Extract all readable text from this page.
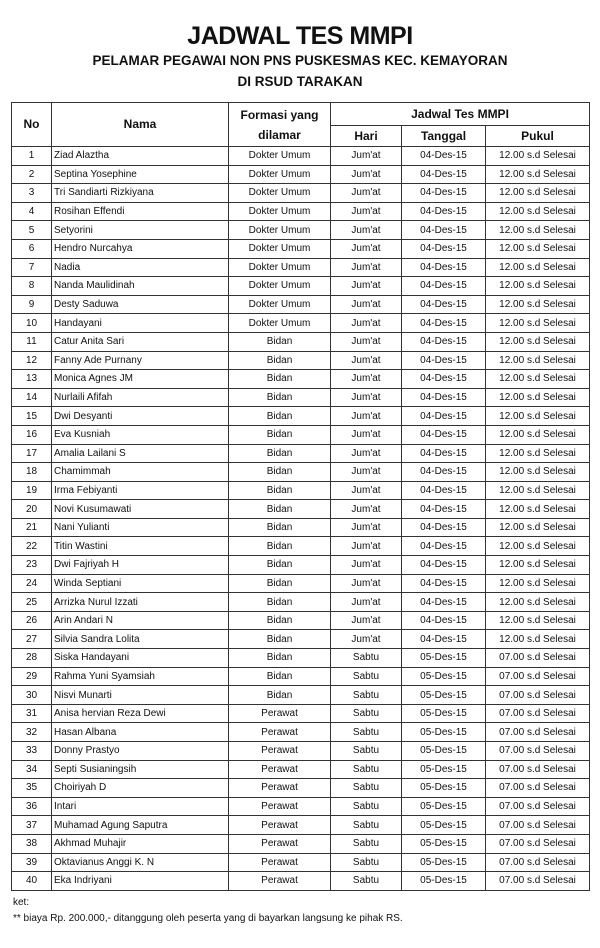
JADWAL TES MMPI
PELAMAR PEGAWAI NON PNS PUSKESMAS KEC. KEMAYORAN
DI RSUD TARAKAN
No	Nama	Formasi yang dilamar	Jadwal Tes MMPI		
			Hari	Tanggal	Pukul
1	Ziad Alaztha	Dokter Umum	Jum'at	04-Des-15	12.00 s.d Selesai
2	Septina Yosephine	Dokter Umum	Jum'at	04-Des-15	12.00 s.d Selesai
3	Tri Sandiarti Rizkiyana	Dokter Umum	Jum'at	04-Des-15	12.00 s.d Selesai
4	Rosihan Effendi	Dokter Umum	Jum'at	04-Des-15	12.00 s.d Selesai
5	Setyorini	Dokter Umum	Jum'at	04-Des-15	12.00 s.d Selesai
6	Hendro Nurcahya	Dokter Umum	Jum'at	04-Des-15	12.00 s.d Selesai
7	Nadia	Dokter Umum	Jum'at	04-Des-15	12.00 s.d Selesai
8	Nanda Maulidinah	Dokter Umum	Jum'at	04-Des-15	12.00 s.d Selesai
9	Desty Saduwa	Dokter Umum	Jum'at	04-Des-15	12.00 s.d Selesai
10	Handayani	Dokter Umum	Jum'at	04-Des-15	12.00 s.d Selesai
11	Catur Anita Sari	Bidan	Jum'at	04-Des-15	12.00 s.d Selesai
12	Fanny Ade Purnany	Bidan	Jum'at	04-Des-15	12.00 s.d Selesai
13	Monica Agnes JM	Bidan	Jum'at	04-Des-15	12.00 s.d Selesai
14	Nurlaili Afifah	Bidan	Jum'at	04-Des-15	12.00 s.d Selesai
15	Dwi Desyanti	Bidan	Jum'at	04-Des-15	12.00 s.d Selesai
16	Eva Kusniah	Bidan	Jum'at	04-Des-15	12.00 s.d Selesai
17	Amalia Lailani S	Bidan	Jum'at	04-Des-15	12.00 s.d Selesai
18	Chamimmah	Bidan	Jum'at	04-Des-15	12.00 s.d Selesai
19	Irma Febiyanti	Bidan	Jum'at	04-Des-15	12.00 s.d Selesai
20	Novi Kusumawati	Bidan	Jum'at	04-Des-15	12.00 s.d Selesai
21	Nani Yulianti	Bidan	Jum'at	04-Des-15	12.00 s.d Selesai
22	Titin Wastini	Bidan	Jum'at	04-Des-15	12.00 s.d Selesai
23	Dwi Fajriyah H	Bidan	Jum'at	04-Des-15	12.00 s.d Selesai
24	Winda Septiani	Bidan	Jum'at	04-Des-15	12.00 s.d Selesai
25	Arrizka Nurul Izzati	Bidan	Jum'at	04-Des-15	12.00 s.d Selesai
26	Arin Andari N	Bidan	Jum'at	04-Des-15	12.00 s.d Selesai
27	Silvia Sandra Lolita	Bidan	Jum'at	04-Des-15	12.00 s.d Selesai
28	Siska Handayani	Bidan	Sabtu	05-Des-15	07.00 s.d Selesai
29	Rahma Yuni Syamsiah	Bidan	Sabtu	05-Des-15	07.00 s.d Selesai
30	Nisvi Munarti	Bidan	Sabtu	05-Des-15	07.00 s.d Selesai
31	Anisa hervian Reza Dewi	Perawat	Sabtu	05-Des-15	07.00 s.d Selesai
32	Hasan Albana	Perawat	Sabtu	05-Des-15	07.00 s.d Selesai
33	Donny Prastyo	Perawat	Sabtu	05-Des-15	07.00 s.d Selesai
34	Septi Susianingsih	Perawat	Sabtu	05-Des-15	07.00 s.d Selesai
35	Choiriyah D	Perawat	Sabtu	05-Des-15	07.00 s.d Selesai
36	Intari	Perawat	Sabtu	05-Des-15	07.00 s.d Selesai
37	Muhamad Agung Saputra	Perawat	Sabtu	05-Des-15	07.00 s.d Selesai
38	Akhmad Muhajir	Perawat	Sabtu	05-Des-15	07.00 s.d Selesai
39	Oktavianus Anggi K. N	Perawat	Sabtu	05-Des-15	07.00 s.d Selesai
40	Eka Indriyani	Perawat	Sabtu	05-Des-15	07.00 s.d Selesai
ket:
** biaya Rp. 200.000,- ditanggung oleh peserta yang di bayarkan langsung ke pihak RS.
